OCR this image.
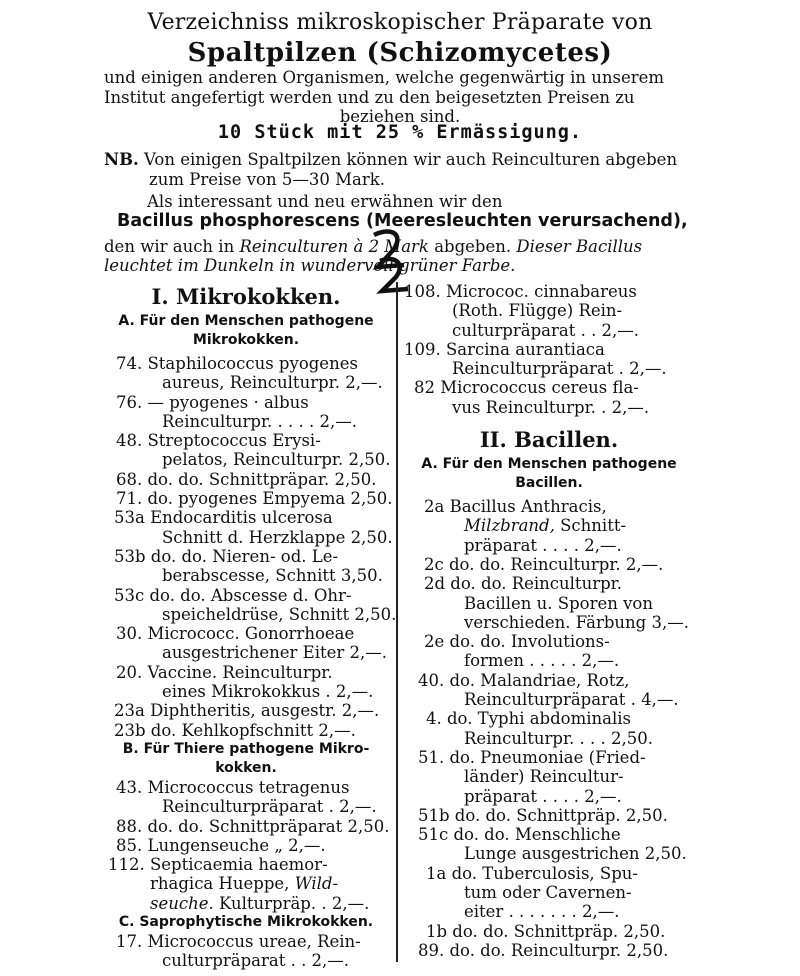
Verzeichniss mikroskopischer Präparate von
Spaltpilzen (Schizomycetes)
und einigen anderen Organismen, welche gegenwärtig in unserem
Institut angefertigt werden und zu den beigesetzten Preisen zu
beziehen sind.
10 Stück mit 25 % Ermässigung.
NB. Von einigen Spaltpilzen können wir auch Reinculturen abgeben
zum Preise von 5—30 Mark.
Als interessant und neu erwähnen wir den
Bacillus phosphorescens (Meeresleuchten verursachend),
den wir auch in Reinculturen à 2 Mark abgeben. Dieser Bacillus
leuchtet im Dunkeln in wundervoll grüner Farbe.
I. Mikrokokken.
A. Für den Menschen pathogene
Mikrokokken.
74. Staphilococcus pyogenes
aureus, Reinculturpr. 2,—.
76. — pyogenes · albus
Reinculturpr. . . . . 2,—.
48. Streptococcus Erysi-
pelatos, Reinculturpr. 2,50.
68. do. do. Schnittpräpar. 2,50.
71. do. pyogenes Empyema 2,50.
53a Endocarditis ulcerosa
Schnitt d. Herzklappe 2,50.
53b do. do. Nieren- od. Le-
berabscesse, Schnitt 3,50.
53c do. do. Abscesse d. Ohr-
speicheldrüse, Schnitt 2,50.
30. Micrococc. Gonorrhoeae
ausgestrichener Eiter 2,—.
20. Vaccine. Reinculturpr.
eines Mikrokokkus . 2,—.
23a Diphtheritis, ausgestr. 2,—.
23b do. Kehlkopfschnitt 2,—.
B. Für Thiere pathogene Mikro-
kokken.
43. Micrococcus tetragenus
Reinculturpräparat . 2,—.
88. do. do. Schnittpräparat 2,50.
85. Lungenseuche „ 2,—.
112. Septicaemia haemor-
rhagica Hueppe, Wild-
seuche. Kulturpräp. . 2,—.
C. Saprophytische Mikrokokken.
17. Micrococcus ureae, Rein-
culturpräparat . . 2,—.
108. Micrococ. cinnabareus
(Roth. Flügge) Rein-
culturpräparat . . 2,—.
109. Sarcina aurantiaca
Reinculturpräparat . 2,—.
82 Micrococcus cereus fla-
vus Reinculturpr. . 2,—.
II. Bacillen.
A. Für den Menschen pathogene
Bacillen.
2a Bacillus Anthracis,
Milzbrand, Schnitt-
präparat . . . . 2,—.
2c do. do. Reinculturpr. 2,—.
2d do. do. Reinculturpr.
Bacillen u. Sporen von
verschieden. Färbung 3,—.
2e do. do. Involutions-
formen . . . . . 2,—.
40. do. Malandriae, Rotz,
Reinculturpräparat . 4,—.
4. do. Typhi abdominalis
Reinculturpr. . . . 2,50.
51. do. Pneumoniae (Fried-
länder) Reincultur-
präparat . . . . 2,—.
51b do. do. Schnittpräp. 2,50.
51c do. do. Menschliche
Lunge ausgestrichen 2,50.
1a do. Tuberculosis, Spu-
tum oder Cavernen-
eiter . . . . . . . 2,—.
1b do. do. Schnittpräp. 2,50.
89. do. do. Reinculturpr. 2,50.
